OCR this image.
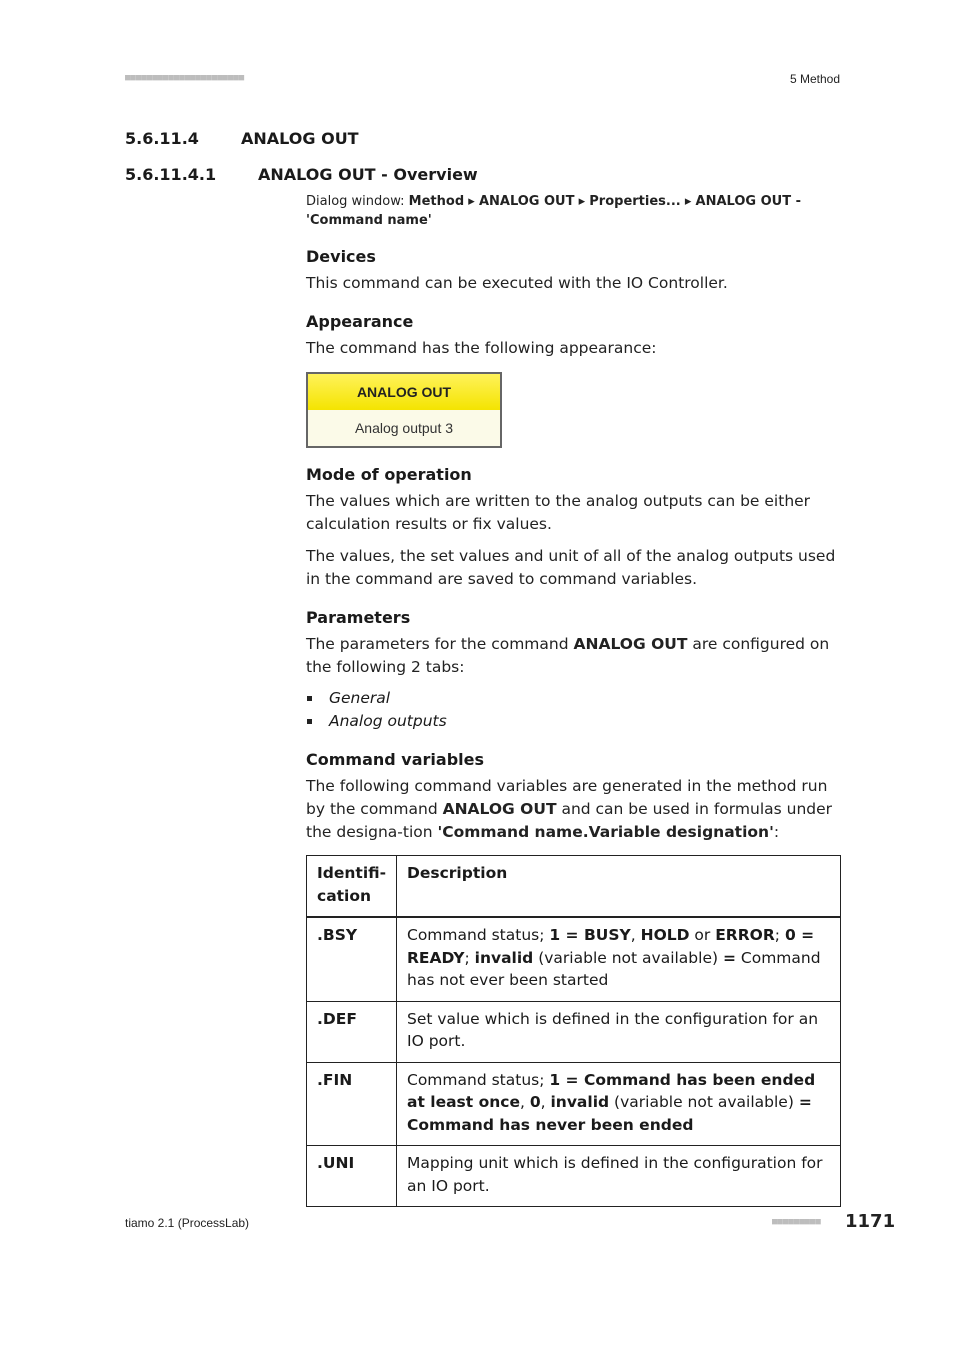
■■■■■■■■■■■■■■■■■■■■■■	5 Method
5.6.11.4	ANALOG OUT
5.6.11.4.1	ANALOG OUT - Overview
Dialog window: Method ▸ ANALOG OUT ▸ Properties... ▸ ANALOG OUT - 'Command name'
Devices
This command can be executed with the IO Controller.
Appearance
The command has the following appearance:
ANALOG OUT
Analog output 3
Mode of operation
The values which are written to the analog outputs can be either calculation results or fix values.
The values, the set values and unit of all of the analog outputs used in the command are saved to command variables.
Parameters
The parameters for the command ANALOG OUT are configured on the following 2 tabs:
General
Analog outputs
Command variables
The following command variables are generated in the method run by the command ANALOG OUT and can be used in formulas under the designa-tion 'Command name.Variable designation':
Identifi-cation	Description
.BSY	Command status; 1 = BUSY, HOLD or ERROR; 0 = READY; invalid (variable not available) = Command has not ever been started
.DEF	Set value which is defined in the configuration for an IO port.
.FIN	Command status; 1 = Command has been ended at least once, 0, invalid (variable not available) = Command has never been ended
.UNI	Mapping unit which is defined in the configuration for an IO port.
tiamo 2.1 (ProcessLab)	■■■■■■■■■ 1171
